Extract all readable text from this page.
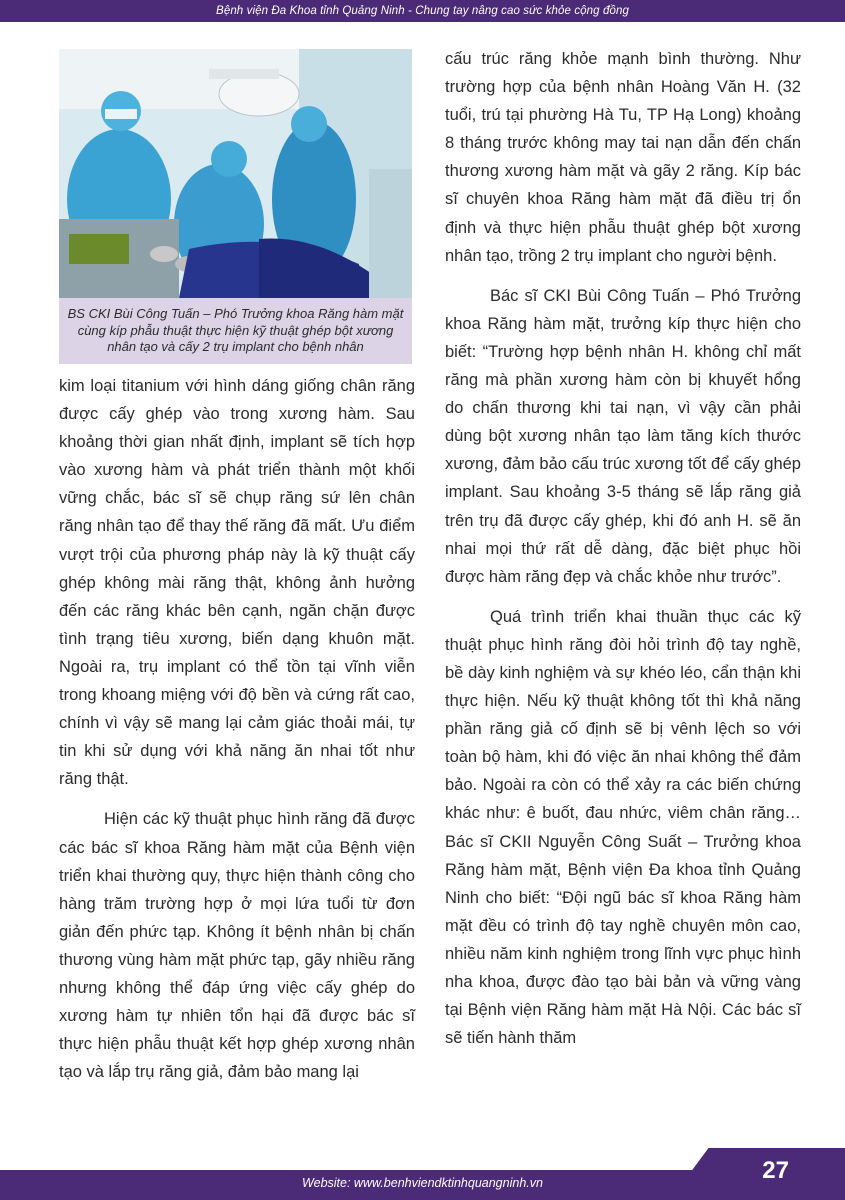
Bệnh viện Đa Khoa tỉnh Quảng Ninh - Chung tay nâng cao sức khỏe cộng đồng
BS CKI Bùi Công Tuấn – Phó Trưởng khoa Răng hàm mặt cùng kíp phẫu thuật thực hiện kỹ thuật ghép bột xương nhân tạo và cấy 2 trụ implant cho bệnh nhân

kim loại titanium với hình dáng giống chân răng được cấy ghép vào trong xương hàm. Sau khoảng thời gian nhất định, implant sẽ tích hợp vào xương hàm và phát triển thành một khối vững chắc, bác sĩ sẽ chụp răng sứ lên chân răng nhân tạo để thay thế răng đã mất. Ưu điểm vượt trội của phương pháp này là kỹ thuật cấy ghép không mài răng thật, không ảnh hưởng đến các răng khác bên cạnh, ngăn chặn được tình trạng tiêu xương, biến dạng khuôn mặt. Ngoài ra, trụ implant có thể tồn tại vĩnh viễn trong khoang miệng với độ bền và cứng rất cao, chính vì vậy sẽ mang lại cảm giác thoải mái, tự tin khi sử dụng với khả năng ăn nhai tốt như răng thật.

Hiện các kỹ thuật phục hình răng đã được các bác sĩ khoa Răng hàm mặt của Bệnh viện triển khai thường quy, thực hiện thành công cho hàng trăm trường hợp ở mọi lứa tuổi từ đơn giản đến phức tạp. Không ít bệnh nhân bị chấn thương vùng hàm mặt phức tạp, gãy nhiều răng nhưng không thể đáp ứng việc cấy ghép do xương hàm tự nhiên tổn hại đã được bác sĩ thực hiện phẫu thuật kết hợp ghép xương nhân tạo và lắp trụ răng giả, đảm bảo mang lại

cấu trúc răng khỏe mạnh bình thường. Như trường hợp của bệnh nhân Hoàng Văn H. (32 tuổi, trú tại phường Hà Tu, TP Hạ Long) khoảng 8 tháng trước không may tai nạn dẫn đến chấn thương xương hàm mặt và gãy 2 răng. Kíp bác sĩ chuyên khoa Răng hàm mặt đã điều trị ổn định và thực hiện phẫu thuật ghép bột xương nhân tạo, trồng 2 trụ implant cho người bệnh.

Bác sĩ CKI Bùi Công Tuấn – Phó Trưởng khoa Răng hàm mặt, trưởng kíp thực hiện cho biết: “Trường hợp bệnh nhân H. không chỉ mất răng mà phần xương hàm còn bị khuyết hổng do chấn thương khi tai nạn, vì vậy cần phải dùng bột xương nhân tạo làm tăng kích thước xương, đảm bảo cấu trúc xương tốt để cấy ghép implant. Sau khoảng 3-5 tháng sẽ lắp răng giả trên trụ đã được cấy ghép, khi đó anh H. sẽ ăn nhai mọi thứ rất dễ dàng, đặc biệt phục hồi được hàm răng đẹp và chắc khỏe như trước”.

Quá trình triển khai thuần thục các kỹ thuật phục hình răng đòi hỏi trình độ tay nghề, bề dày kinh nghiệm và sự khéo léo, cẩn thận khi thực hiện. Nếu kỹ thuật không tốt thì khả năng phần răng giả cố định sẽ bị vênh lệch so với toàn bộ hàm, khi đó việc ăn nhai không thể đảm bảo. Ngoài ra còn có thể xảy ra các biến chứng khác như: ê buốt, đau nhức, viêm chân răng… Bác sĩ CKII Nguyễn Công Suất – Trưởng khoa Răng hàm mặt, Bệnh viện Đa khoa tỉnh Quảng Ninh cho biết: “Đội ngũ bác sĩ khoa Răng hàm mặt đều có trình độ tay nghề chuyên môn cao, nhiều năm kinh nghiệm trong lĩnh vực phục hình nha khoa, được đào tạo bài bản và vững vàng tại Bệnh viện Răng hàm mặt Hà Nội. Các bác sĩ sẽ tiến hành thăm

Website: www.benhviendktinhquangninh.vn	27
